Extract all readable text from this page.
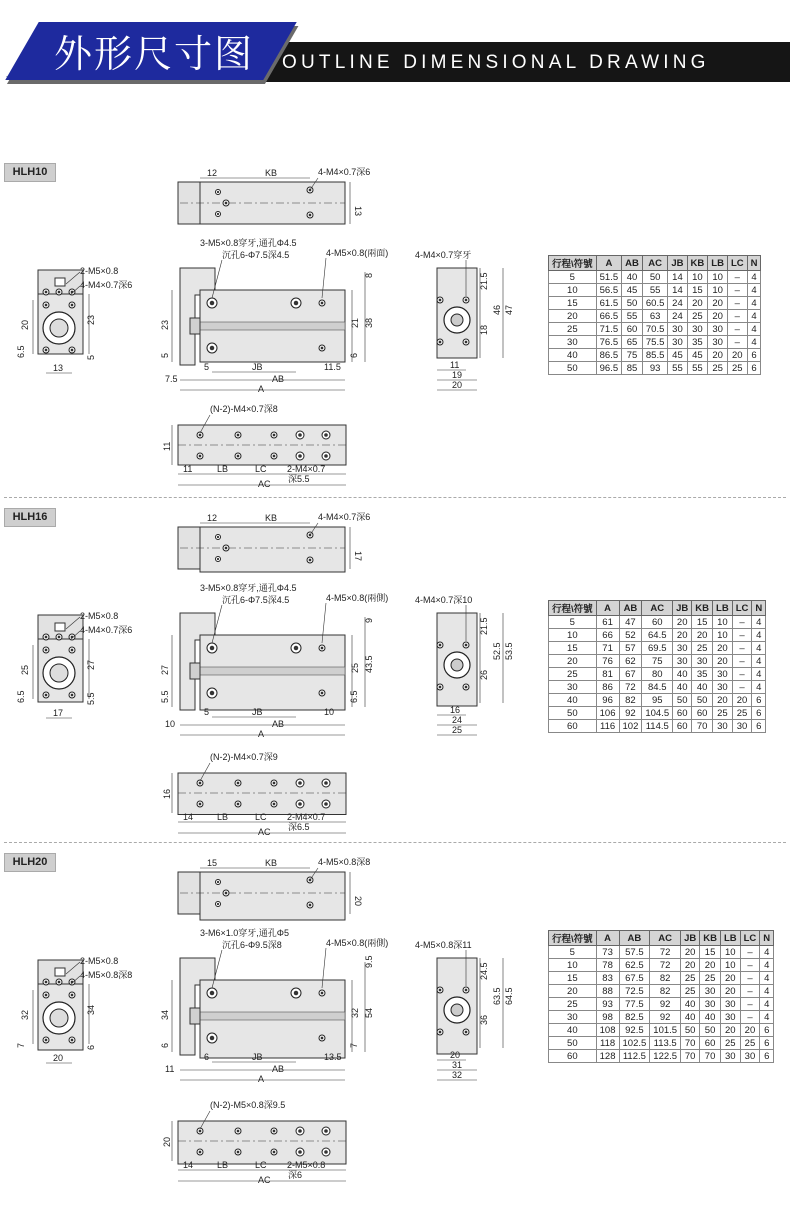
OUTLINE DIMENSIONAL DRAWING
外形尺寸图
HLH10	12	KB	4-M4×0.7深6
13
2-M5×0.8
4-M4×0.7深6
20	23
6.5	5
13
3-M5×0.8穿牙,通孔Φ4.5
沉孔6-Φ7.5深4.5	4-M5×0.8(兩面)
8
23
5
21 38
6
7.5
5	JB	11.5
AB
A
4-M4×0.7穿牙
21.5
18
46 47
11
19
20
(N-2)-M4×0.7深8
11
11	LB	LC 2-M4×0.7
深5.5
AC
行程\符號	A	AB	AC	JB	KB	LB	LC	N
5	51.5	40	50	14	10	10	–	4
10	56.5	45	55	14	15	10	–	4
15	61.5	50	60.5	24	20	20	–	4
20	66.5	55	63	24	25	20	–	4
25	71.5	60	70.5	30	30	30	–	4
30	76.5	65	75.5	30	35	30	–	4
40	86.5	75	85.5	45	45	20	20	6
50	96.5	85	93	55	55	25	25	6
HLH16	12	KB	4-M4×0.7深6
17
2-M5×0.8
4-M4×0.7深6
25	27
6.5	5.5
17
3-M5×0.8穿牙,通孔Φ4.5
沉孔6-Φ7.5深4.5	4-M5×0.8(兩側)
9
27
5.5
25 43.5
6.5
10
5	JB	10
AB
A
4-M4×0.7深10
21.5
26
52.5 53.5
16
24
25
(N-2)-M4×0.7深9
16
14	LB	LC 2-M4×0.7
深6.5
AC
行程\符號	A	AB	AC	JB	KB	LB	LC	N
5	61	47	60	20	15	10	–	4
10	66	52	64.5	20	20	10	–	4
15	71	57	69.5	30	25	20	–	4
20	76	62	75	30	30	20	–	4
25	81	67	80	40	35	30	–	4
30	86	72	84.5	40	40	30	–	4
40	96	82	95	50	50	20	20	6
50	106	92	104.5	60	60	25	25	6
60	116	102	114.5	60	70	30	30	6
HLH20	15	KB	4-M5×0.8深8
20
2-M5×0.8
4-M5×0.8深8
32	34
7	6
20
3-M6×1.0穿牙,通孔Φ5
沉孔6-Φ9.5深8	4-M5×0.8(兩側)
9.5
34
6
32 54
7
11
6	JB	13.5
AB
A
4-M5×0.8深11
24.5
36
63.5 64.5
20
31
32
(N-2)-M5×0.8深9.5
20
14	LB	LC 2-M5×0.8
深6
AC
行程\符號	A	AB	AC	JB	KB	LB	LC	N
5	73	57.5	72	20	15	10	–	4
10	78	62.5	72	20	20	10	–	4
15	83	67.5	82	25	25	20	–	4
20	88	72.5	82	25	30	20	–	4
25	93	77.5	92	40	30	30	–	4
30	98	82.5	92	40	40	30	–	4
40	108	92.5	101.5	50	50	20	20	6
50	118	102.5	113.5	70	60	25	25	6
60	128	112.5	122.5	70	70	30	30	6
